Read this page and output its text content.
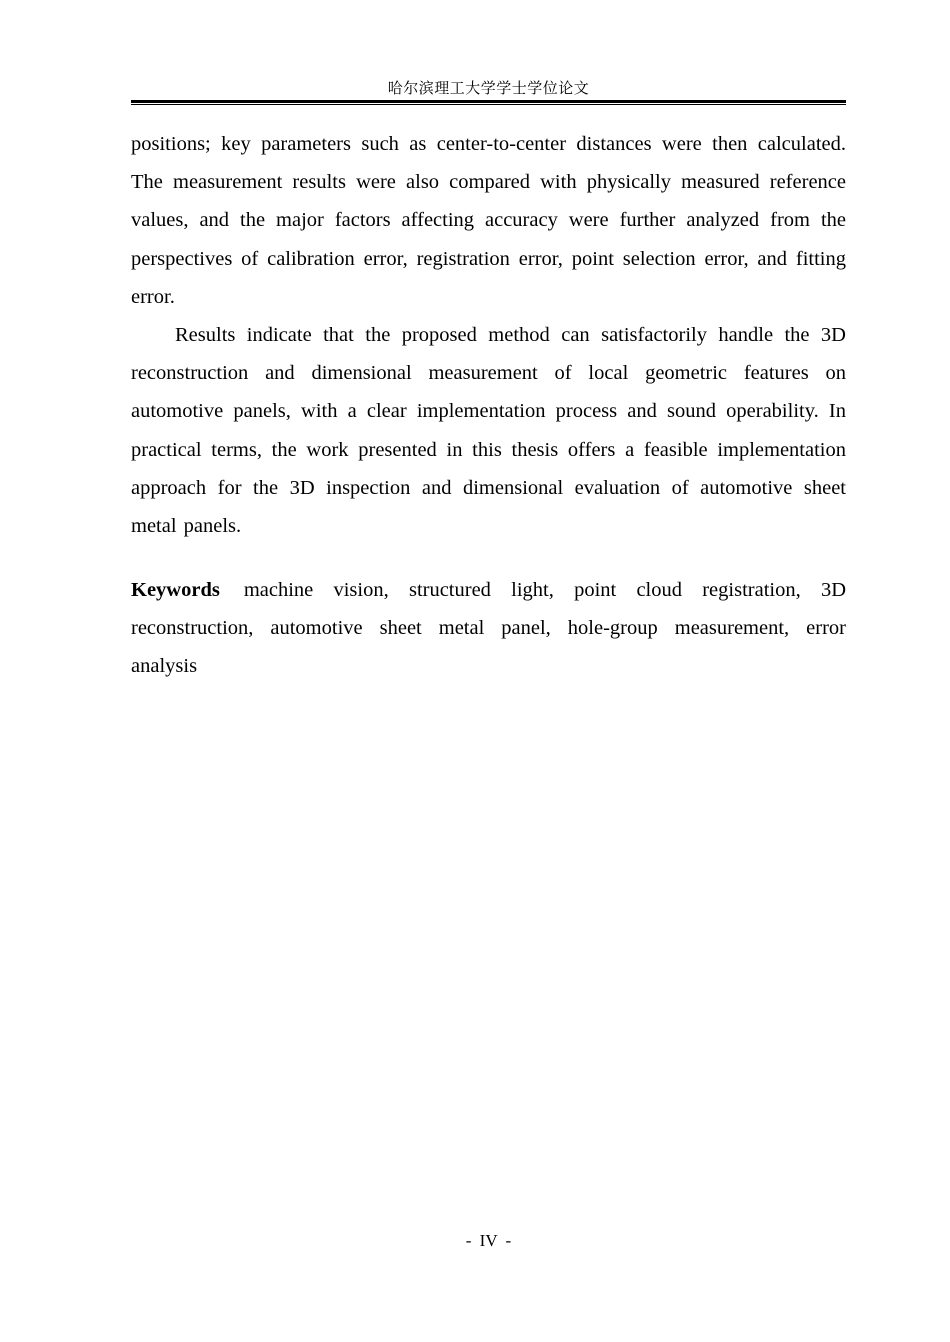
哈尔滨理工大学学士学位论文

positions; key parameters such as center-to-center distances were then calculated. The measurement results were also compared with physically measured reference values, and the major factors affecting accuracy were further analyzed from the perspectives of calibration error, registration error, point selection error, and fitting error.

Results indicate that the proposed method can satisfactorily handle the 3D reconstruction and dimensional measurement of local geometric features on automotive panels, with a clear implementation process and sound operability. In practical terms, the work presented in this thesis offers a feasible implementation approach for the 3D inspection and dimensional evaluation of automotive sheet metal panels.

Keywords machine vision, structured light, point cloud registration, 3D reconstruction, automotive sheet metal panel, hole-group measurement, error analysis
- IV -
